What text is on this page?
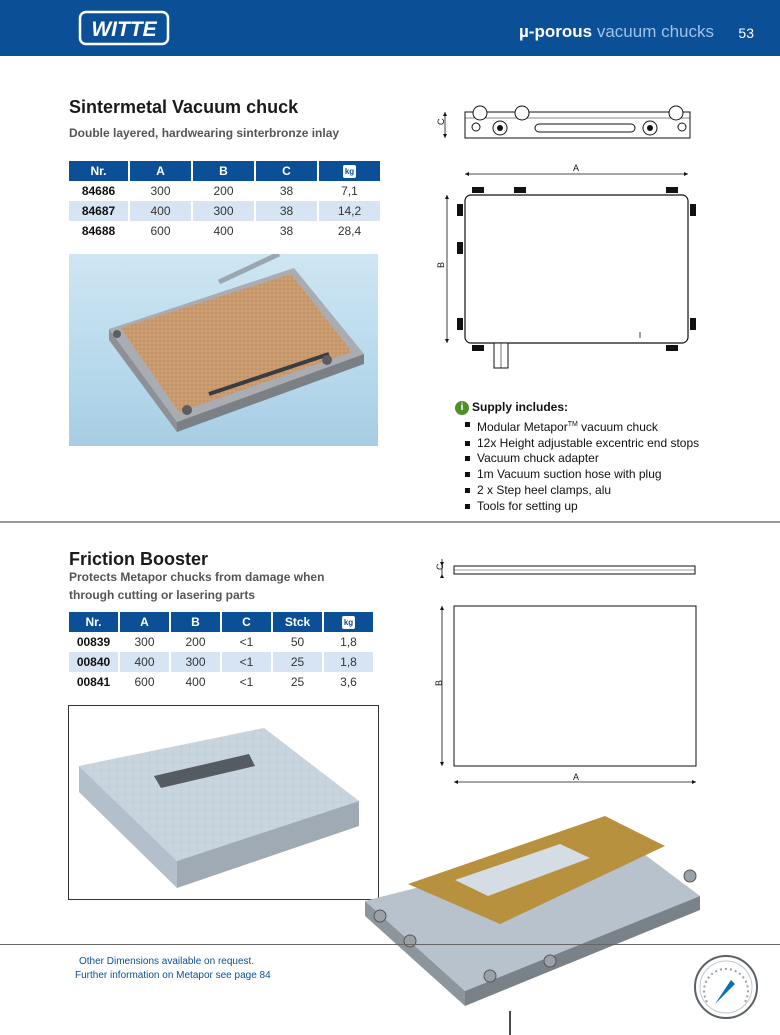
WITTE	µ-porous vacuum chucks 53
Sintermetal Vacuum chuck
Double layered, hardwearing sinterbronze inlay
Nr.	A	B	C	kg
84686	300	200	38	7,1
84687	400	300	38	14,2
84688	600	400	38	28,4
C
A
B
i Supply includes:
Modular Metapor™ vacuum chuck
12x Height adjustable excentric end stops
Vacuum chuck adapter
1m Vacuum suction hose with plug
2 x Step heel clamps, alu
Tools for setting up
Friction Booster
Protects Metapor chucks from damage when through cutting or lasering parts
Nr.	A	B	C	Stck	kg
00839	300	200	<1	50	1,8
00840	400	300	<1	25	1,8
00841	600	400	<1	25	3,6
C
B
A
Other Dimensions available on request.
Further information on Metapor see page 84
